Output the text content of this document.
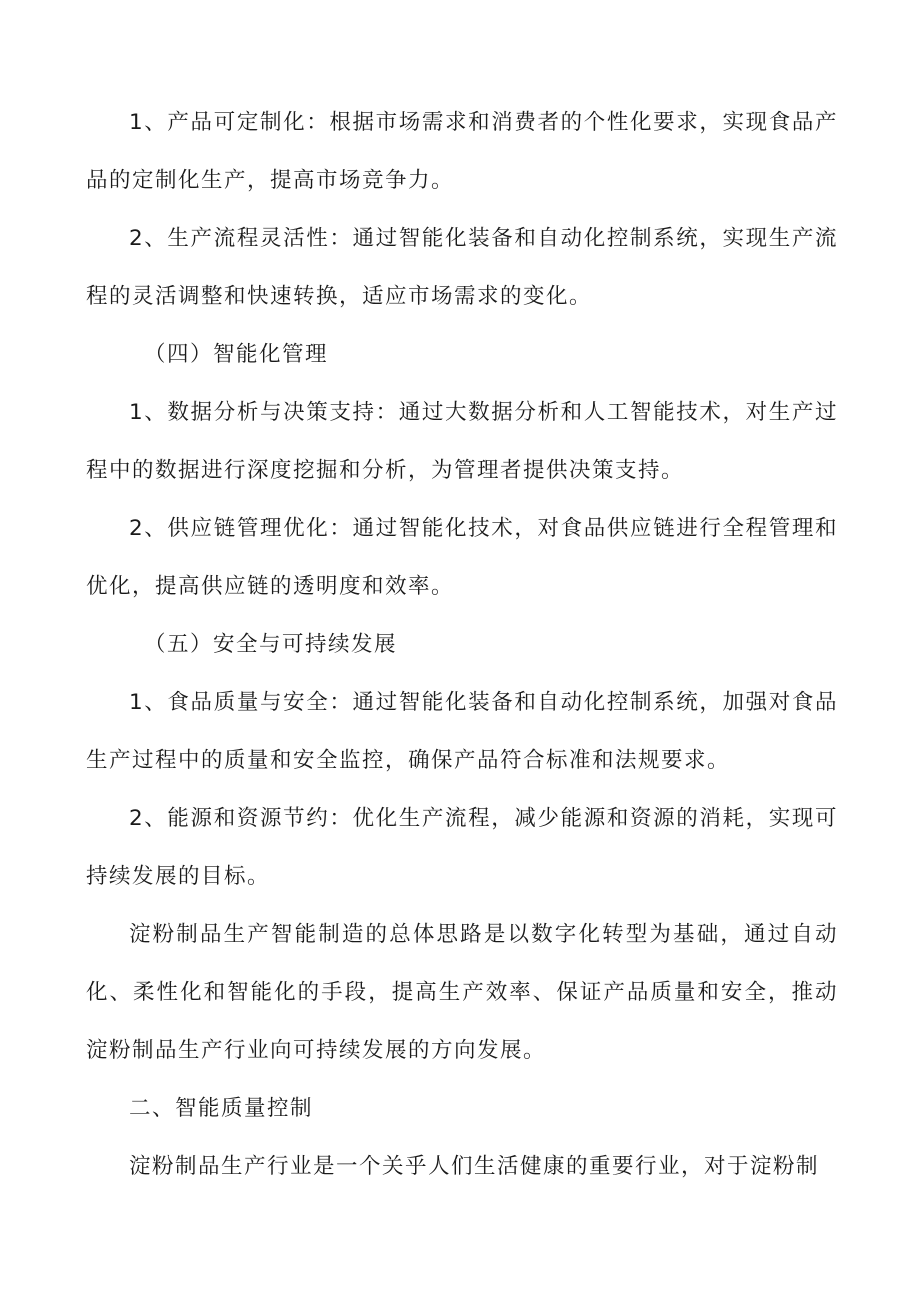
1、产品可定制化：根据市场需求和消费者的个性化要求，实现食品产品的定制化生产，提高市场竞争力。

2、生产流程灵活性：通过智能化装备和自动化控制系统，实现生产流程的灵活调整和快速转换，适应市场需求的变化。

（四）智能化管理

1、数据分析与决策支持：通过大数据分析和人工智能技术，对生产过程中的数据进行深度挖掘和分析，为管理者提供决策支持。

2、供应链管理优化：通过智能化技术，对食品供应链进行全程管理和优化，提高供应链的透明度和效率。

（五）安全与可持续发展

1、食品质量与安全：通过智能化装备和自动化控制系统，加强对食品生产过程中的质量和安全监控，确保产品符合标准和法规要求。

2、能源和资源节约：优化生产流程，减少能源和资源的消耗，实现可持续发展的目标。

淀粉制品生产智能制造的总体思路是以数字化转型为基础，通过自动化、柔性化和智能化的手段，提高生产效率、保证产品质量和安全，推动淀粉制品生产行业向可持续发展的方向发展。

二、智能质量控制

淀粉制品生产行业是一个关乎人们生活健康的重要行业，对于淀粉制
